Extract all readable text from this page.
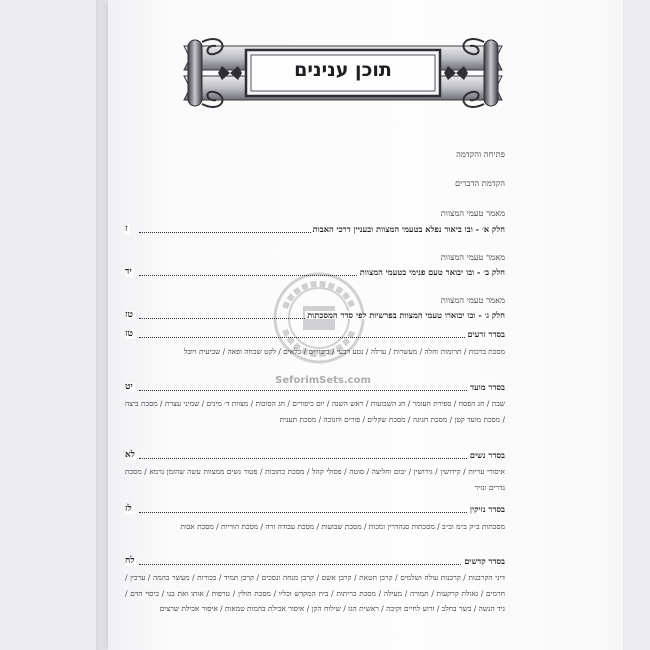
תוכן ענינים
SeforimSets.com
פתיחה והקדמה
הקדמת הדברים
מאמר טעמי המצוות
חלק א׳ - ובו ביאור נפלא בטעמי המצוות ובעניין דרכי האבות
ז
מאמר טעמי המצוות
חלק ב׳ - ובו יבואר טעם פנימי בטעמי המצוות
יד
מאמר טעמי המצוות
חלק ג׳ - ובו יבוארו טעמי המצוות בפרשיות לפי סדר המסכתות
טז
בסדר זרעים
טז
מסכת ברכות / תרומות וחלה / מעשרות / ערלה / נטע רבעי / ביכורים / כלאים / לקט שכחה ופאה / שביעית ויובל
בסדר מועד
יט
שבת / חג הפסח / ספירת העומר / חג השבועות / ראש השנה / יום כיפורים / חג הסוכות / מצוות ד׳ מינים / שמיני עצרת / מסכת ביצה / מסכת מועד קטן / מסכת חגיגה / מסכת שקלים / פורים וחנוכה / מסכת תענית
בסדר נשים
לא
איסורי עריות / קידושין / גירושין / יבום וחליצה / סוטה / פסולי קהל / מסכת כתובות / פטור נשים ממצוות עשה שהזמן גרמא / מסכת נדרים ונזיר
בסדר נזיקין
לז
מסכתות ב״ק ב״מ וב״ב / מסכתות סנהדרין ומכות / מסכת שבועות / מסכת עבודה זרה / מסכת הוריות / מסכת אבות
בסדר קדשים
לח
דיני הקרבנות / קרבנות עולה ושלמים / קרבן חטאת / קרבן אשם / קרבן מנחה ונסכים / קרבן תמיד / בכורות / מעשר בהמה / ערכין / חרמים / גאולת קרקעות / תמורה / מעילה / מסכת כריתות / בית המקדש וכליו / מסכת חולין / טרפות / אותו ואת בנו / כיסוי הדם / גיד הנשה / בשר בחלב / זרוע לחיים וקיבה / ראשית הגז / שילוח הקן / איסור אכילת בהמות טמאות / איסור אכילת שרצים
